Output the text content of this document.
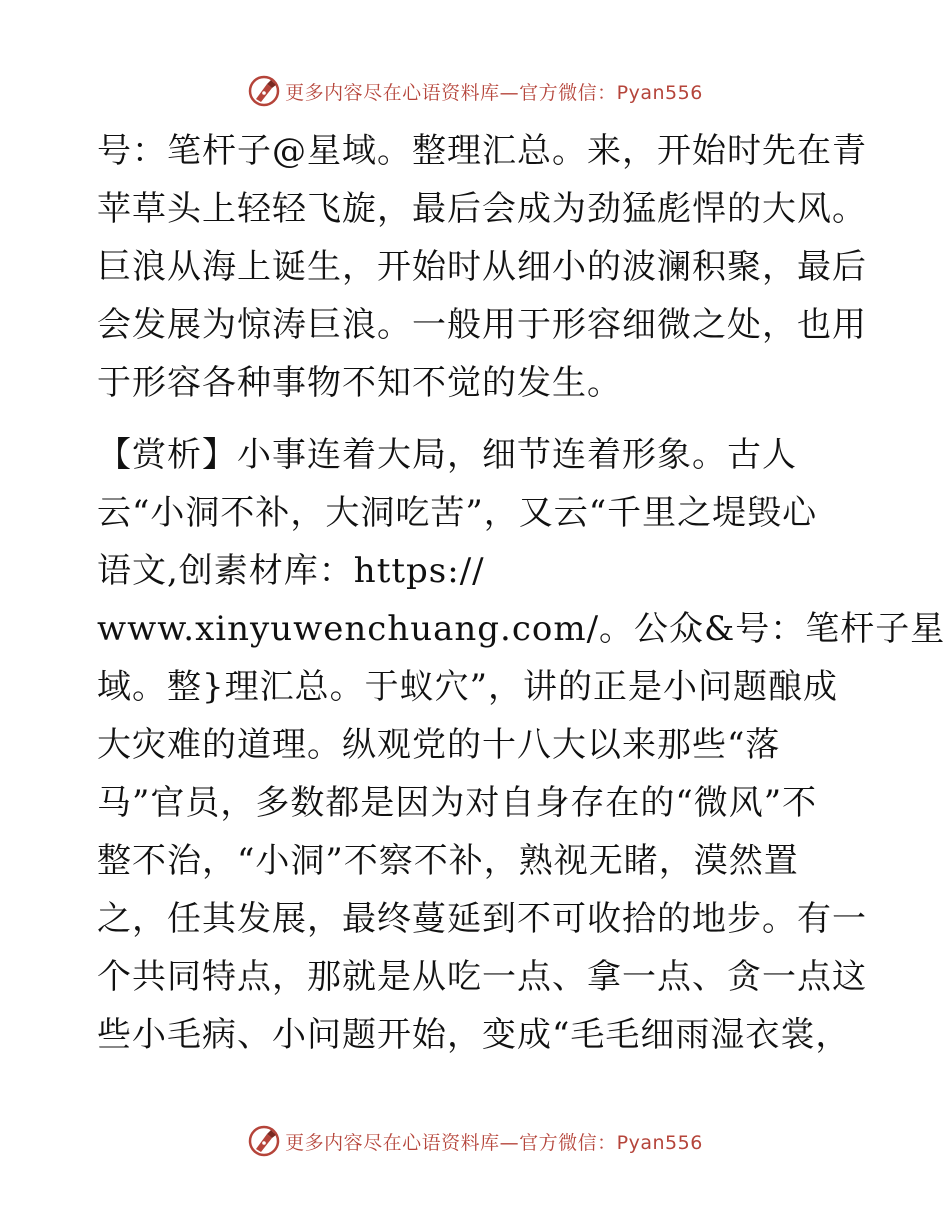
更多内容尽在心语资料库—官方微信：Pyan556
号：笔杆子@星域。整理汇总。来，开始时先在青
苹草头上轻轻飞旋，最后会成为劲猛彪悍的大风。
巨浪从海上诞生，开始时从细小的波澜积聚，最后
会发展为惊涛巨浪。一般用于形容细微之处，也用
于形容各种事物不知不觉的发生。
【赏析】小事连着大局，细节连着形象。古人
云“小洞不补，大洞吃苦”，又云“千里之堤毁心
语文,创素材库：https://
www.xinyuwenchuang.com/。公众&号：笔杆子星
域。整}理汇总。于蚁穴”，讲的正是小问题酿成
大灾难的道理。纵观党的十八大以来那些“落
马”官员，多数都是因为对自身存在的“微风”不
整不治，“小洞”不察不补，熟视无睹，漠然置
之，任其发展，最终蔓延到不可收拾的地步。有一
个共同特点，那就是从吃一点、拿一点、贪一点这
些小毛病、小问题开始，变成“毛毛细雨湿衣裳，
更多内容尽在心语资料库—官方微信：Pyan556
